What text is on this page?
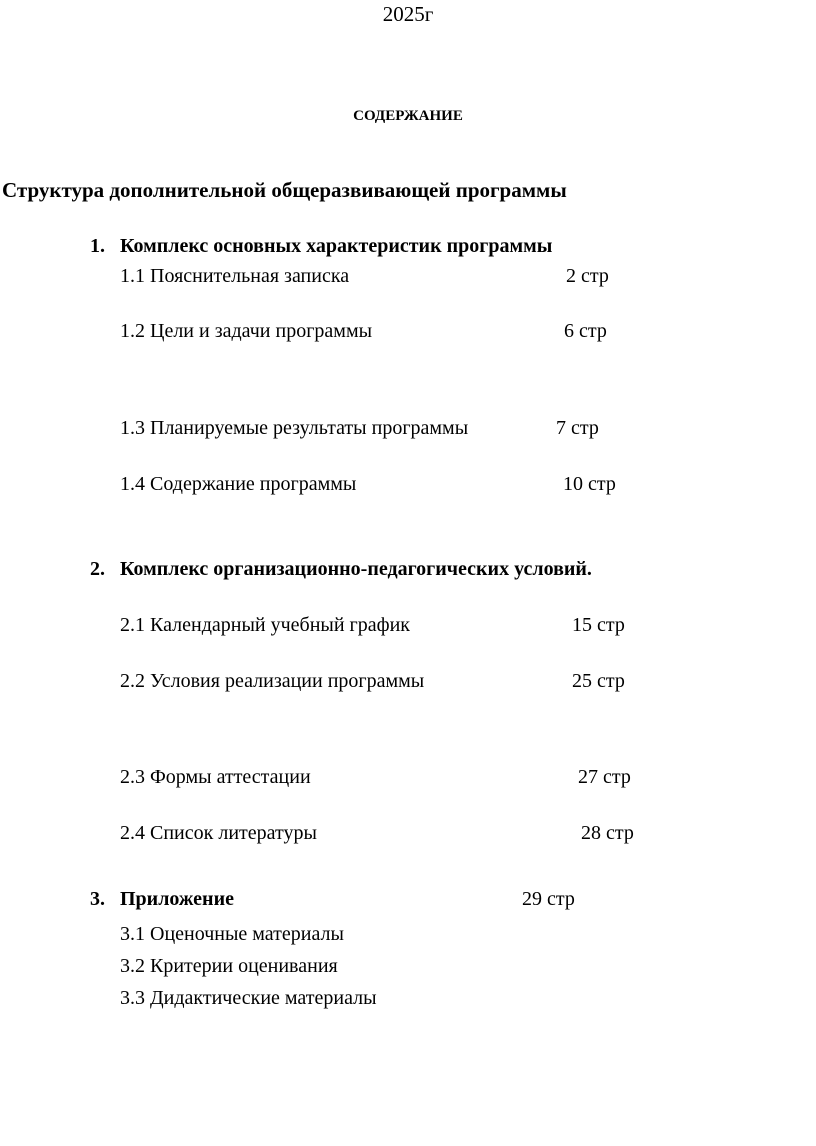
2025г
СОДЕРЖАНИЕ
Структура дополнительной общеразвивающей программы
1. Комплекс основных характеристик программы
1.1 Пояснительная записка	2 стр
1.2 Цели и задачи программы	6 стр
1.3 Планируемые результаты программы	7 стр
1.4 Содержание программы	10 стр
2. Комплекс организационно-педагогических условий.
2.1 Календарный учебный график	15 стр
2.2 Условия реализации программы	25 стр
2.3 Формы аттестации	27 стр
2.4 Список литературы	28 стр
3. Приложение	29 стр
3.1 Оценочные материалы
3.2 Критерии оценивания
3.3 Дидактические материалы
